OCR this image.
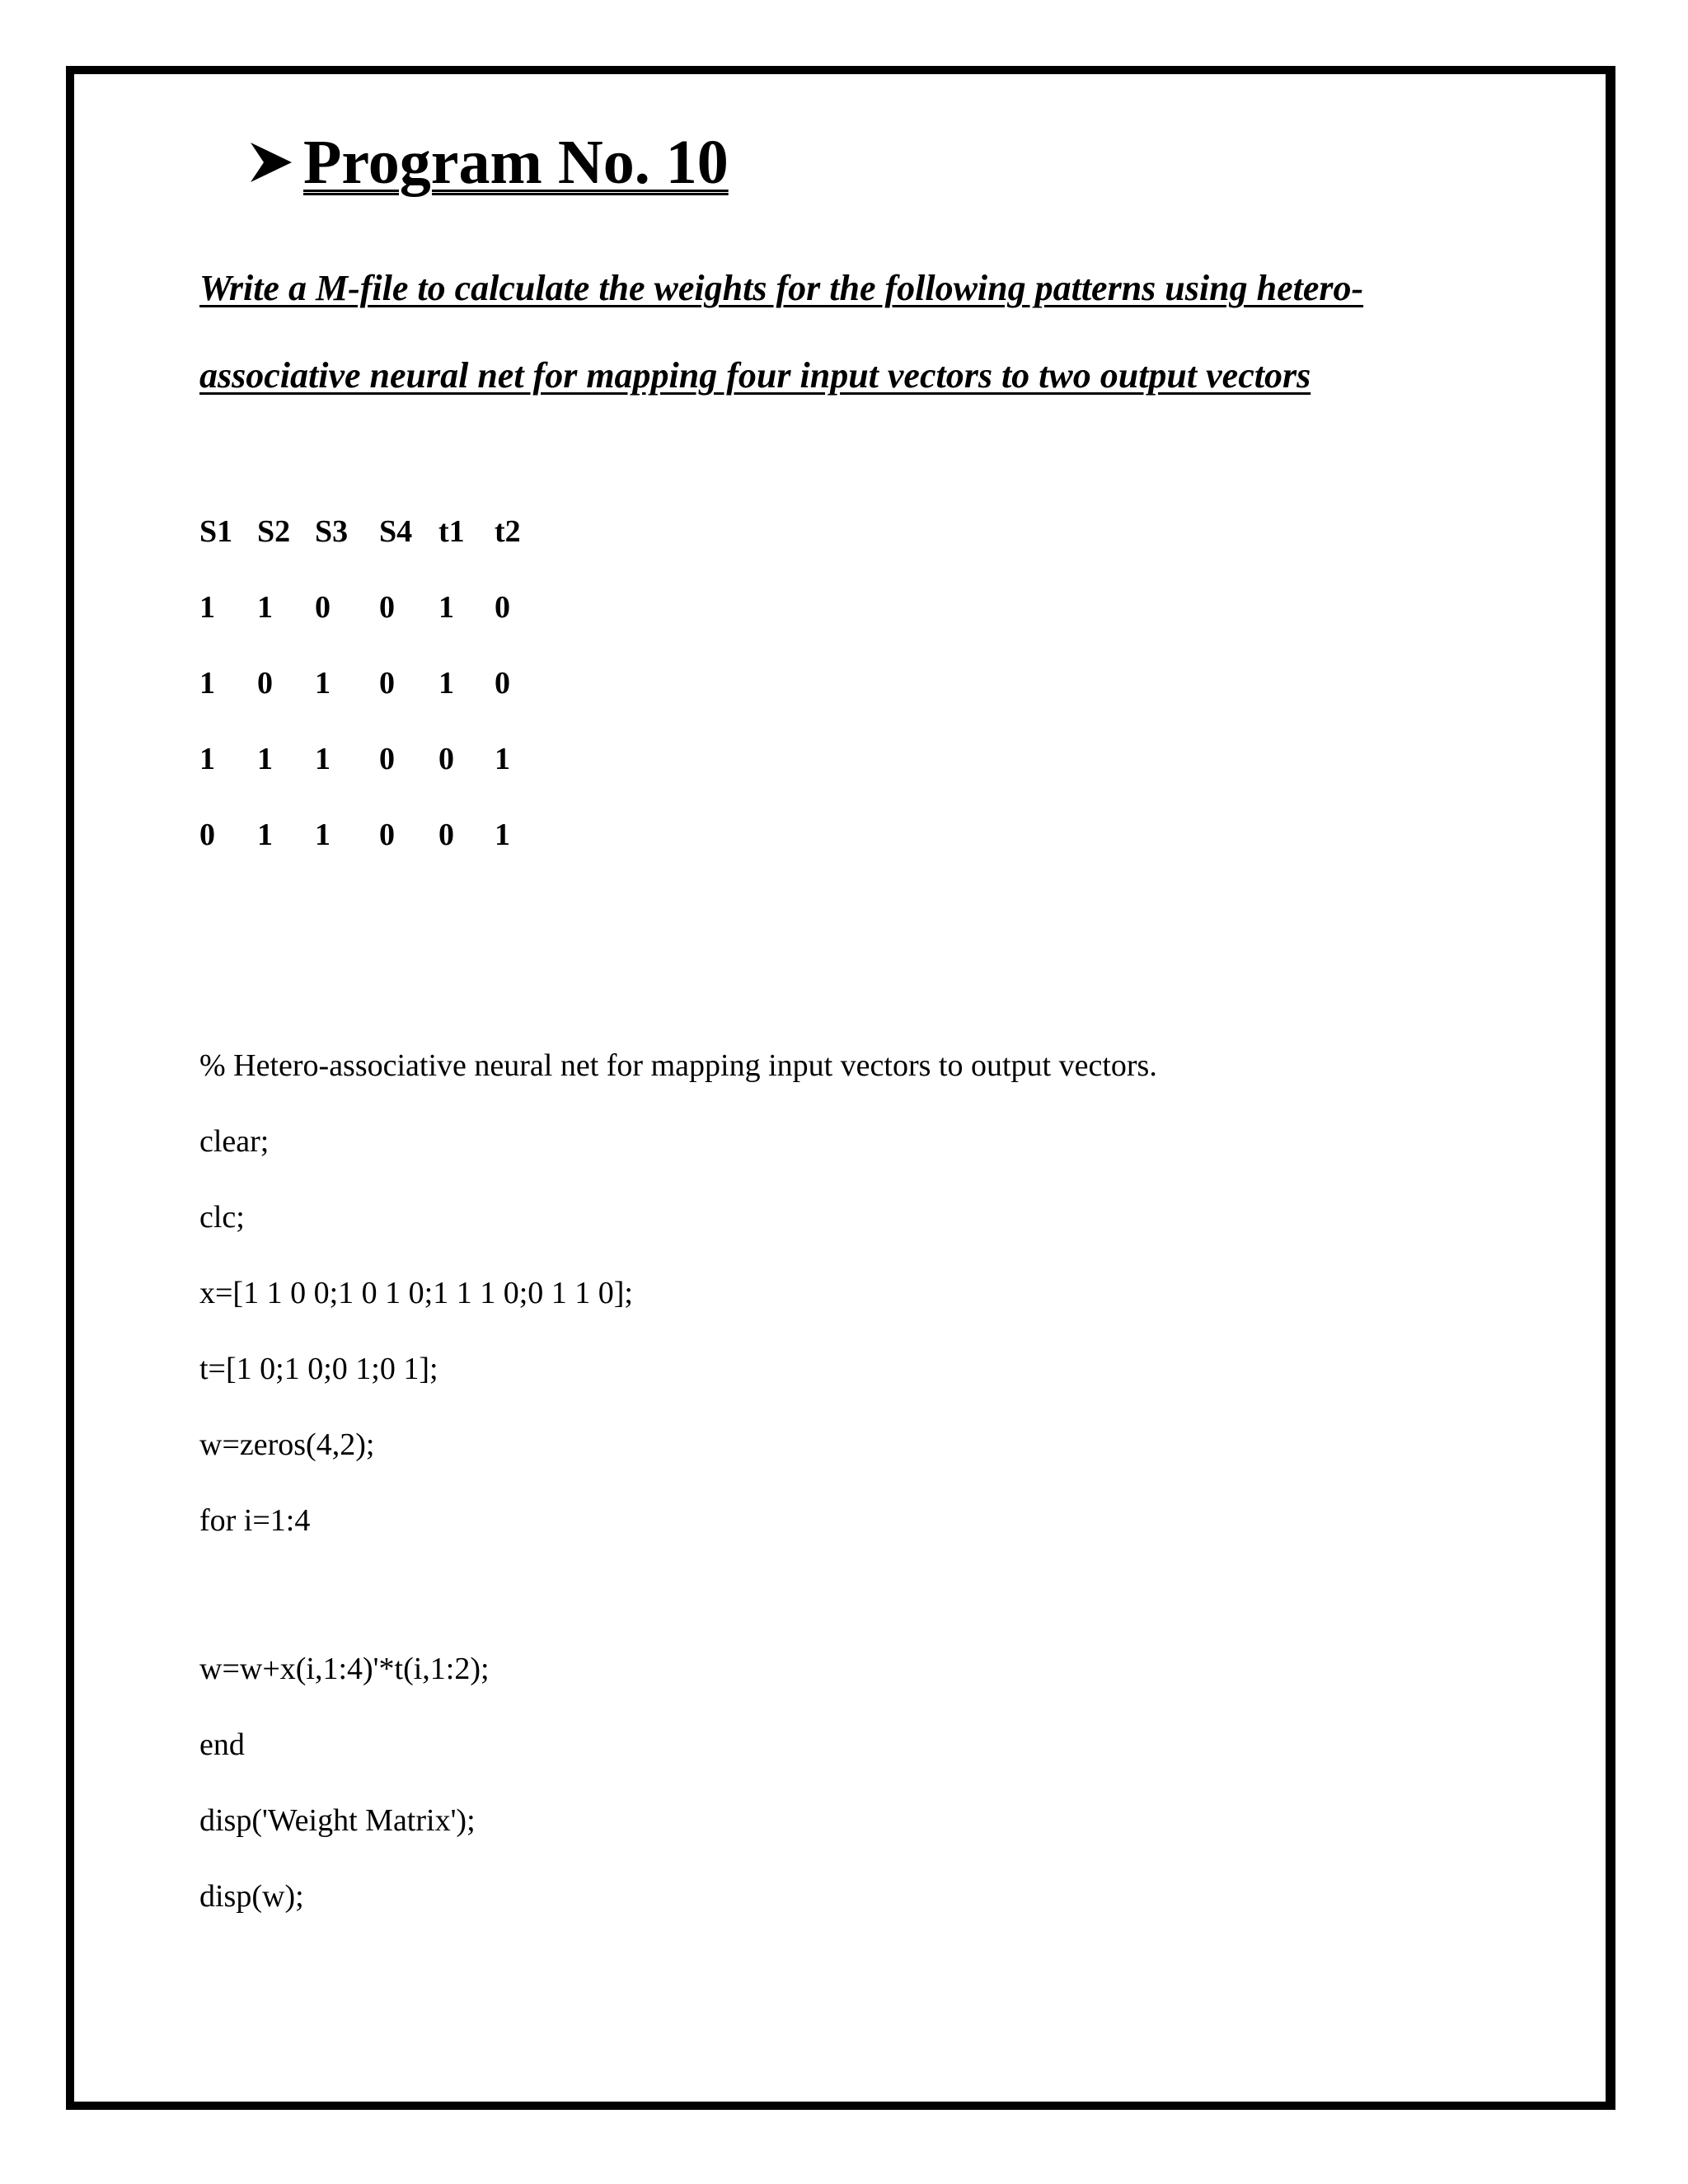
Program No. 10
Write a M-file to calculate the weights for the following patterns using hetero-
associative neural net for mapping four input vectors to two output vectors
S1 S2 S3 S4 t1 t2
1 1 0 0 1 0
1 0 1 0 1 0
1 1 1 0 0 1
0 1 1 0 0 1
% Hetero-associative neural net for mapping input vectors to output vectors.
clear;
clc;
x=[1 1 0 0;1 0 1 0;1 1 1 0;0 1 1 0];
t=[1 0;1 0;0 1;0 1];
w=zeros(4,2);
for i=1:4
w=w+x(i,1:4)'*t(i,1:2);
end
disp('Weight Matrix');
disp(w);
